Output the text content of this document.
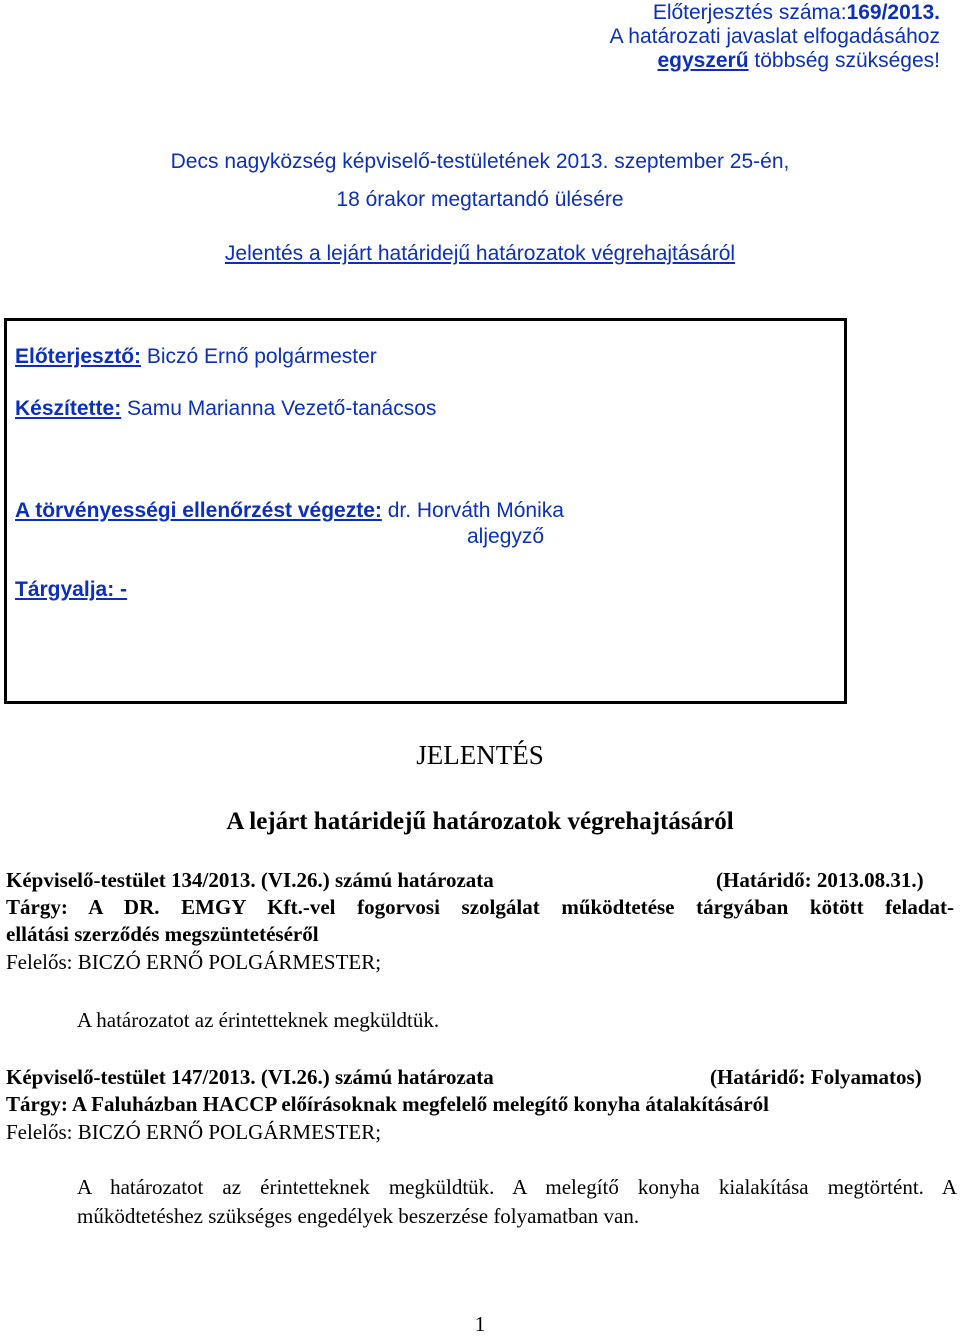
Előterjesztés száma:169/2013.
A határozati javaslat elfogadásához
egyszerű többség szükséges!
Decs nagyközség képviselő-testületének 2013. szeptember 25-én,
18 órakor megtartandó ülésére
Jelentés a lejárt határidejű határozatok végrehajtásáról
Előterjesztő: Biczó Ernő polgármester
Készítette: Samu Marianna Vezető-tanácsos
A törvényességi ellenőrzést végezte: dr. Horváth Mónika
aljegyző
Tárgyalja: -
JELENTÉS
A lejárt határidejű határozatok végrehajtásáról
Képviselő-testület 134/2013. (VI.26.) számú határozata	(Határidő: 2013.08.31.)
Tárgy: A DR. EMGY Kft.-vel fogorvosi szolgálat működtetése tárgyában kötött feladat-
ellátási szerződés megszüntetéséről
Felelős: BICZÓ ERNŐ POLGÁRMESTER;
A határozatot az érintetteknek megküldtük.
Képviselő-testület 147/2013. (VI.26.) számú határozata	(Határidő: Folyamatos)
Tárgy: A Faluházban HACCP előírásoknak megfelelő melegítő konyha átalakításáról
Felelős: BICZÓ ERNŐ POLGÁRMESTER;
A határozatot az érintetteknek megküldtük. A melegítő konyha kialakítása megtörtént. A
működtetéshez szükséges engedélyek beszerzése folyamatban van.
1
